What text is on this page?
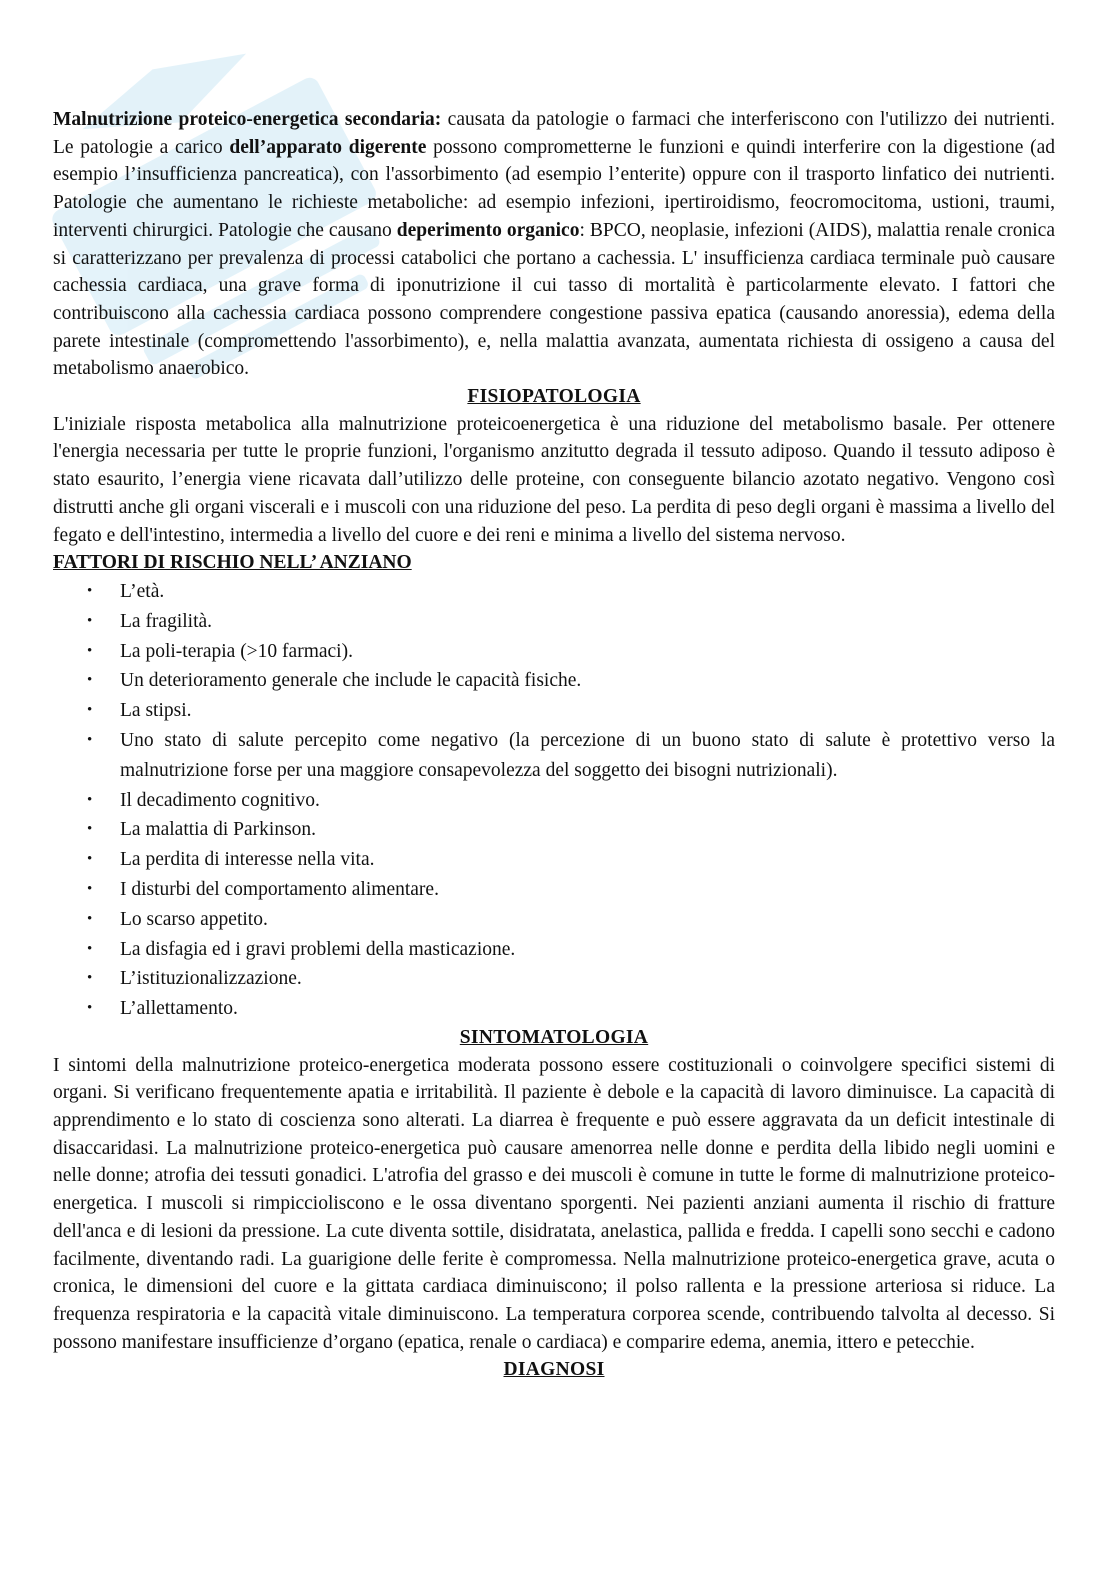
Malnutrizione proteico-energetica secondaria: causata da patologie o farmaci che interferiscono con l'utilizzo dei nutrienti. Le patologie a carico dell’apparato digerente possono comprometterne le funzioni e quindi interferire con la digestione (ad esempio l’insufficienza pancreatica), con l'assorbimento (ad esempio l’enterite) oppure con il trasporto linfatico dei nutrienti. Patologie che aumentano le richieste metaboliche: ad esempio infezioni, ipertiroidismo, feocromocitoma, ustioni, traumi, interventi chirurgici. Patologie che causano deperimento organico: BPCO, neoplasie, infezioni (AIDS), malattia renale cronica si caratterizzano per prevalenza di processi catabolici che portano a cachessia. L' insufficienza cardiaca terminale può causare cachessia cardiaca, una grave forma di iponutrizione il cui tasso di mortalità è particolarmente elevato. I fattori che contribuiscono alla cachessia cardiaca possono comprendere congestione passiva epatica (causando anoressia), edema della parete intestinale (compromettendo l'assorbimento), e, nella malattia avanzata, aumentata richiesta di ossigeno a causa del metabolismo anaerobico.

FISIOPATOLOGIA

L'iniziale risposta metabolica alla malnutrizione proteicoenergetica è una riduzione del metabolismo basale. Per ottenere l'energia necessaria per tutte le proprie funzioni, l'organismo anzitutto degrada il tessuto adiposo. Quando il tessuto adiposo è stato esaurito, l’energia viene ricavata dall’utilizzo delle proteine, con conseguente bilancio azotato negativo. Vengono così distrutti anche gli organi viscerali e i muscoli con una riduzione del peso. La perdita di peso degli organi è massima a livello del fegato e dell'intestino, intermedia a livello del cuore e dei reni e minima a livello del sistema nervoso.

FATTORI DI RISCHIO NELL’ ANZIANO
• L’età.
• La fragilità.
• La poli-terapia (>10 farmaci).
• Un deterioramento generale che include le capacità fisiche.
• La stipsi.
• Uno stato di salute percepito come negativo (la percezione di un buono stato di salute è protettivo verso la malnutrizione forse per una maggiore consapevolezza del soggetto dei bisogni nutrizionali).
• Il decadimento cognitivo.
• La malattia di Parkinson.
• La perdita di interesse nella vita.
• I disturbi del comportamento alimentare.
• Lo scarso appetito.
• La disfagia ed i gravi problemi della masticazione.
• L’istituzionalizzazione.
• L’allettamento.
SINTOMATOLOGIA

I sintomi della malnutrizione proteico-energetica moderata possono essere costituzionali o coinvolgere specifici sistemi di organi. Si verificano frequentemente apatia e irritabilità. Il paziente è debole e la capacità di lavoro diminuisce. La capacità di apprendimento e lo stato di coscienza sono alterati. La diarrea è frequente e può essere aggravata da un deficit intestinale di disaccaridasi. La malnutrizione proteico-energetica può causare amenorrea nelle donne e perdita della libido negli uomini e nelle donne; atrofia dei tessuti gonadici. L'atrofia del grasso e dei muscoli è comune in tutte le forme di malnutrizione proteico-energetica. I muscoli si rimpiccioliscono e le ossa diventano sporgenti. Nei pazienti anziani aumenta il rischio di fratture dell'anca e di lesioni da pressione. La cute diventa sottile, disidratata, anelastica, pallida e fredda. I capelli sono secchi e cadono facilmente, diventando radi. La guarigione delle ferite è compromessa. Nella malnutrizione proteico-energetica grave, acuta o cronica, le dimensioni del cuore e la gittata cardiaca diminuiscono; il polso rallenta e la pressione arteriosa si riduce. La frequenza respiratoria e la capacità vitale diminuiscono. La temperatura corporea scende, contribuendo talvolta al decesso. Si possono manifestare insufficienze d’organo (epatica, renale o cardiaca) e comparire edema, anemia, ittero e petecchie.

DIAGNOSI
